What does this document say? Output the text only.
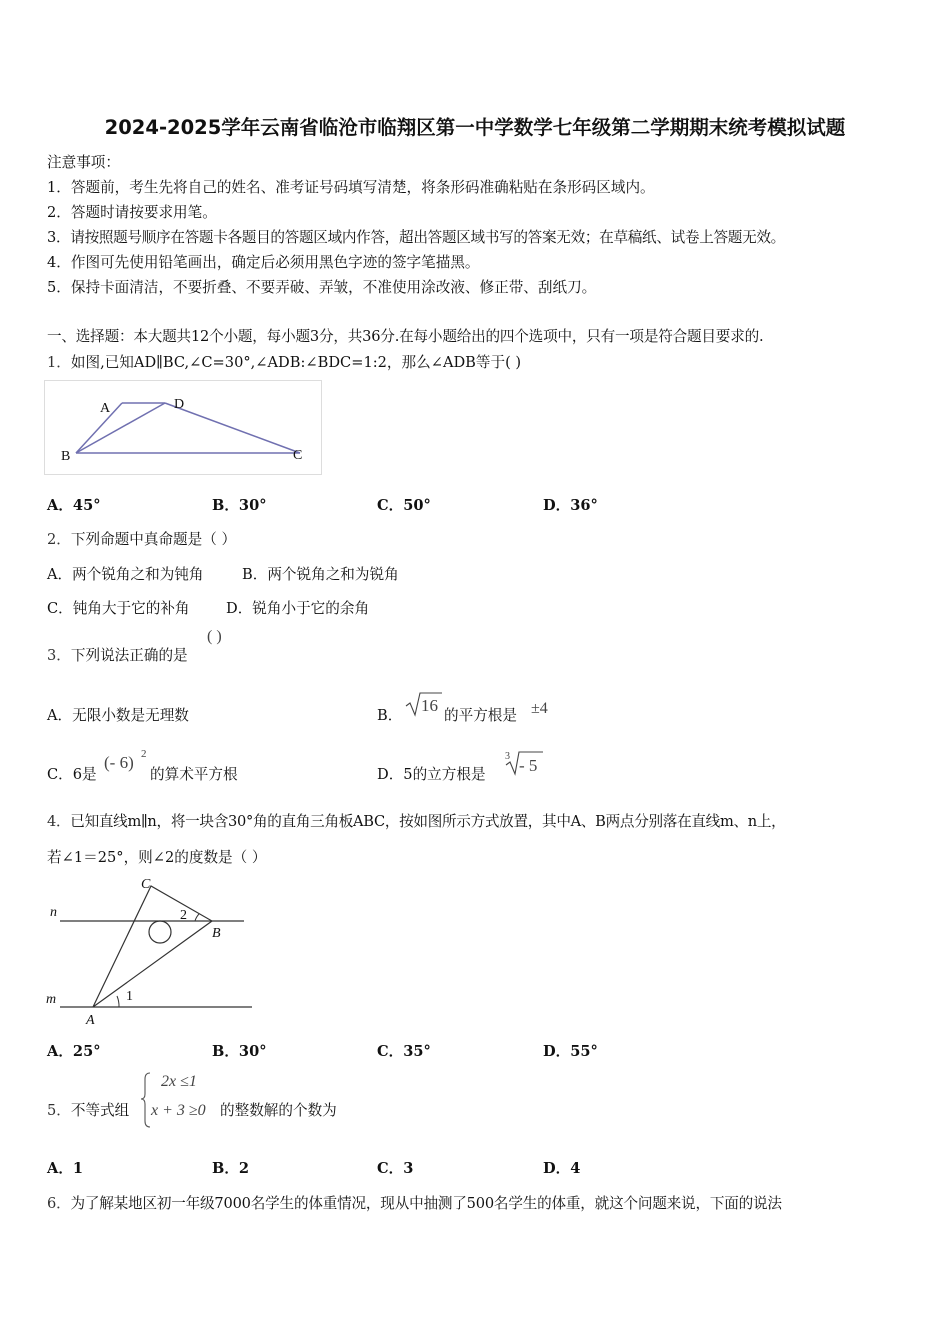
2024-2025学年云南省临沧市临翔区第一中学数学七年级第二学期期末统考模拟试题
注意事项：
1．答题前，考生先将自己的姓名、准考证号码填写清楚，将条形码准确粘贴在条形码区域内。
2．答题时请按要求用笔。
3．请按照题号顺序在答题卡各题目的答题区域内作答，超出答题区域书写的答案无效；在草稿纸、试卷上答题无效。
4．作图可先使用铅笔画出，确定后必须用黑色字迹的签字笔描黑。
5．保持卡面清洁，不要折叠、不要弄破、弄皱，不准使用涂改液、修正带、刮纸刀。
一、选择题：本大题共12个小题，每小题3分，共36分.在每小题给出的四个选项中，只有一项是符合题目要求的.
1．如图,已知AD∥BC,∠C=30°,∠ADB:∠BDC=1:2，那么∠ADB等于( )
A	D
B	C
A．45°	B．30°	C．50°	D．36°
2．下列命题中真命题是（ ）
A．两个锐角之和为钝角	B．两个锐角之和为锐角
C．钝角大于它的补角 D．锐角小于它的余角
3．下列说法正确的是
( )
A．无限小数是无理数	B．
16
的平方根是 ±4
C．6是
(- 6) 2
的算术平方根	D．5的立方根是
3 - 5
4．已知直线m∥n，将一块含30°角的直角三角板ABC，按如图所示方式放置，其中A、B两点分别落在直线m、n上，
若∠1＝25°，则∠2的度数是（ ）
n
m
A
B
C
1
2
A．25°	B．30°	C．35°	D．55°
5．不等式组
2x ≤1
x + 3 ≥0 的整数解的个数为
A．1	B．2	C．3	D．4
6．为了解某地区初一年级7000名学生的体重情况，现从中抽测了500名学生的体重，就这个问题来说，下面的说法
